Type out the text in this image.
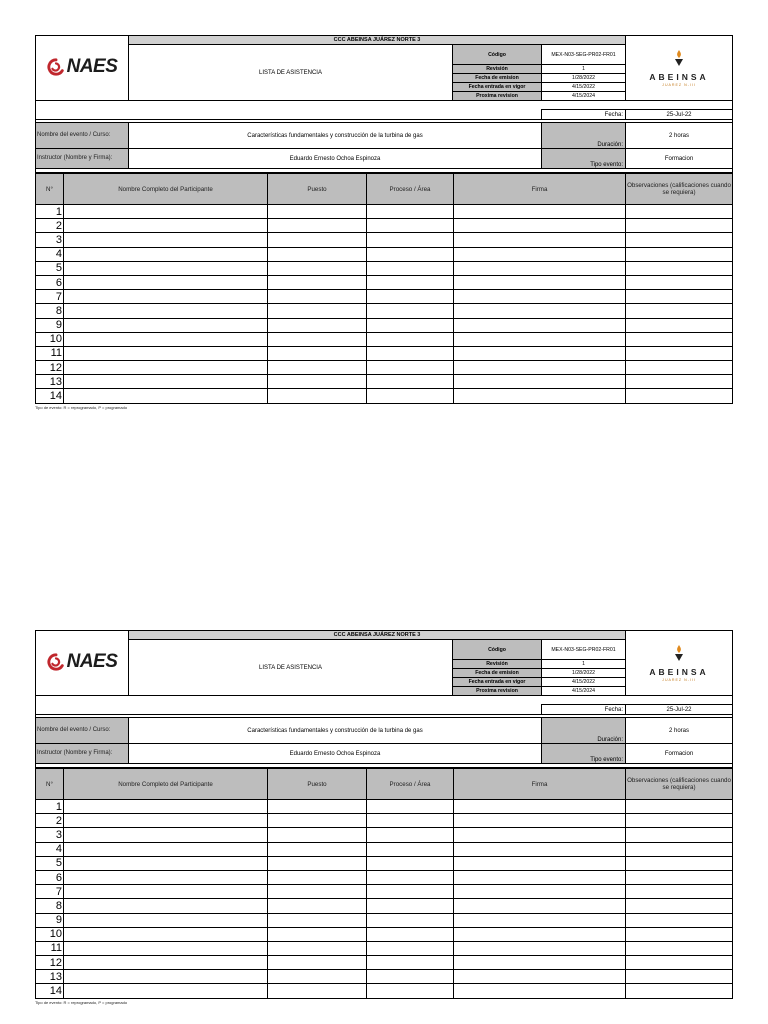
NAES	CCC ABEINSA JUÁREZ NORTE 3			ABEINSA
JUAREZ N-III

	LISTA DE ASISTENCIA	Código	MEX-N03-SEG-PR02-FR01	
		Revisión	1	
		Fecha de emision	1/28/2022	
		Fecha entrada en vigor	4/15/2022	
		Proxima revision	4/15/2024	

		Fecha:	25-Jul-22

Nombre del evento / Curso:	Características fundamentales y construcción de la turbina de gas	Duración:	2 horas
Instructor (Nombre y Firma):	Eduardo Ernesto Ochoa Espinoza	Tipo evento:	Formacion

N°	Nombre Completo del Participante	Puesto	Proceso / Área	Firma	Observaciones (calificaciones cuando se requiera)
1					
2					
3					
4					
5					
6					
7					
8					
9					
10					
11					
12					
13					
14					
Tipo de evento: R = reprogramado, P = programado
NAES	CCC ABEINSA JUÁREZ NORTE 3			ABEINSA
JUAREZ N-III

	LISTA DE ASISTENCIA	Código	MEX-N03-SEG-PR02-FR01	
		Revisión	1	
		Fecha de emision	1/28/2022	
		Fecha entrada en vigor	4/15/2022	
		Proxima revision	4/15/2024	

		Fecha:	25-Jul-22

Nombre del evento / Curso:	Características fundamentales y construcción de la turbina de gas	Duración:	2 horas
Instructor (Nombre y Firma):	Eduardo Ernesto Ochoa Espinoza	Tipo evento:	Formacion

N°	Nombre Completo del Participante	Puesto	Proceso / Área	Firma	Observaciones (calificaciones cuando se requiera)
1					
2					
3					
4					
5					
6					
7					
8					
9					
10					
11					
12					
13					
14					
Tipo de evento: R = reprogramado, P = programado
